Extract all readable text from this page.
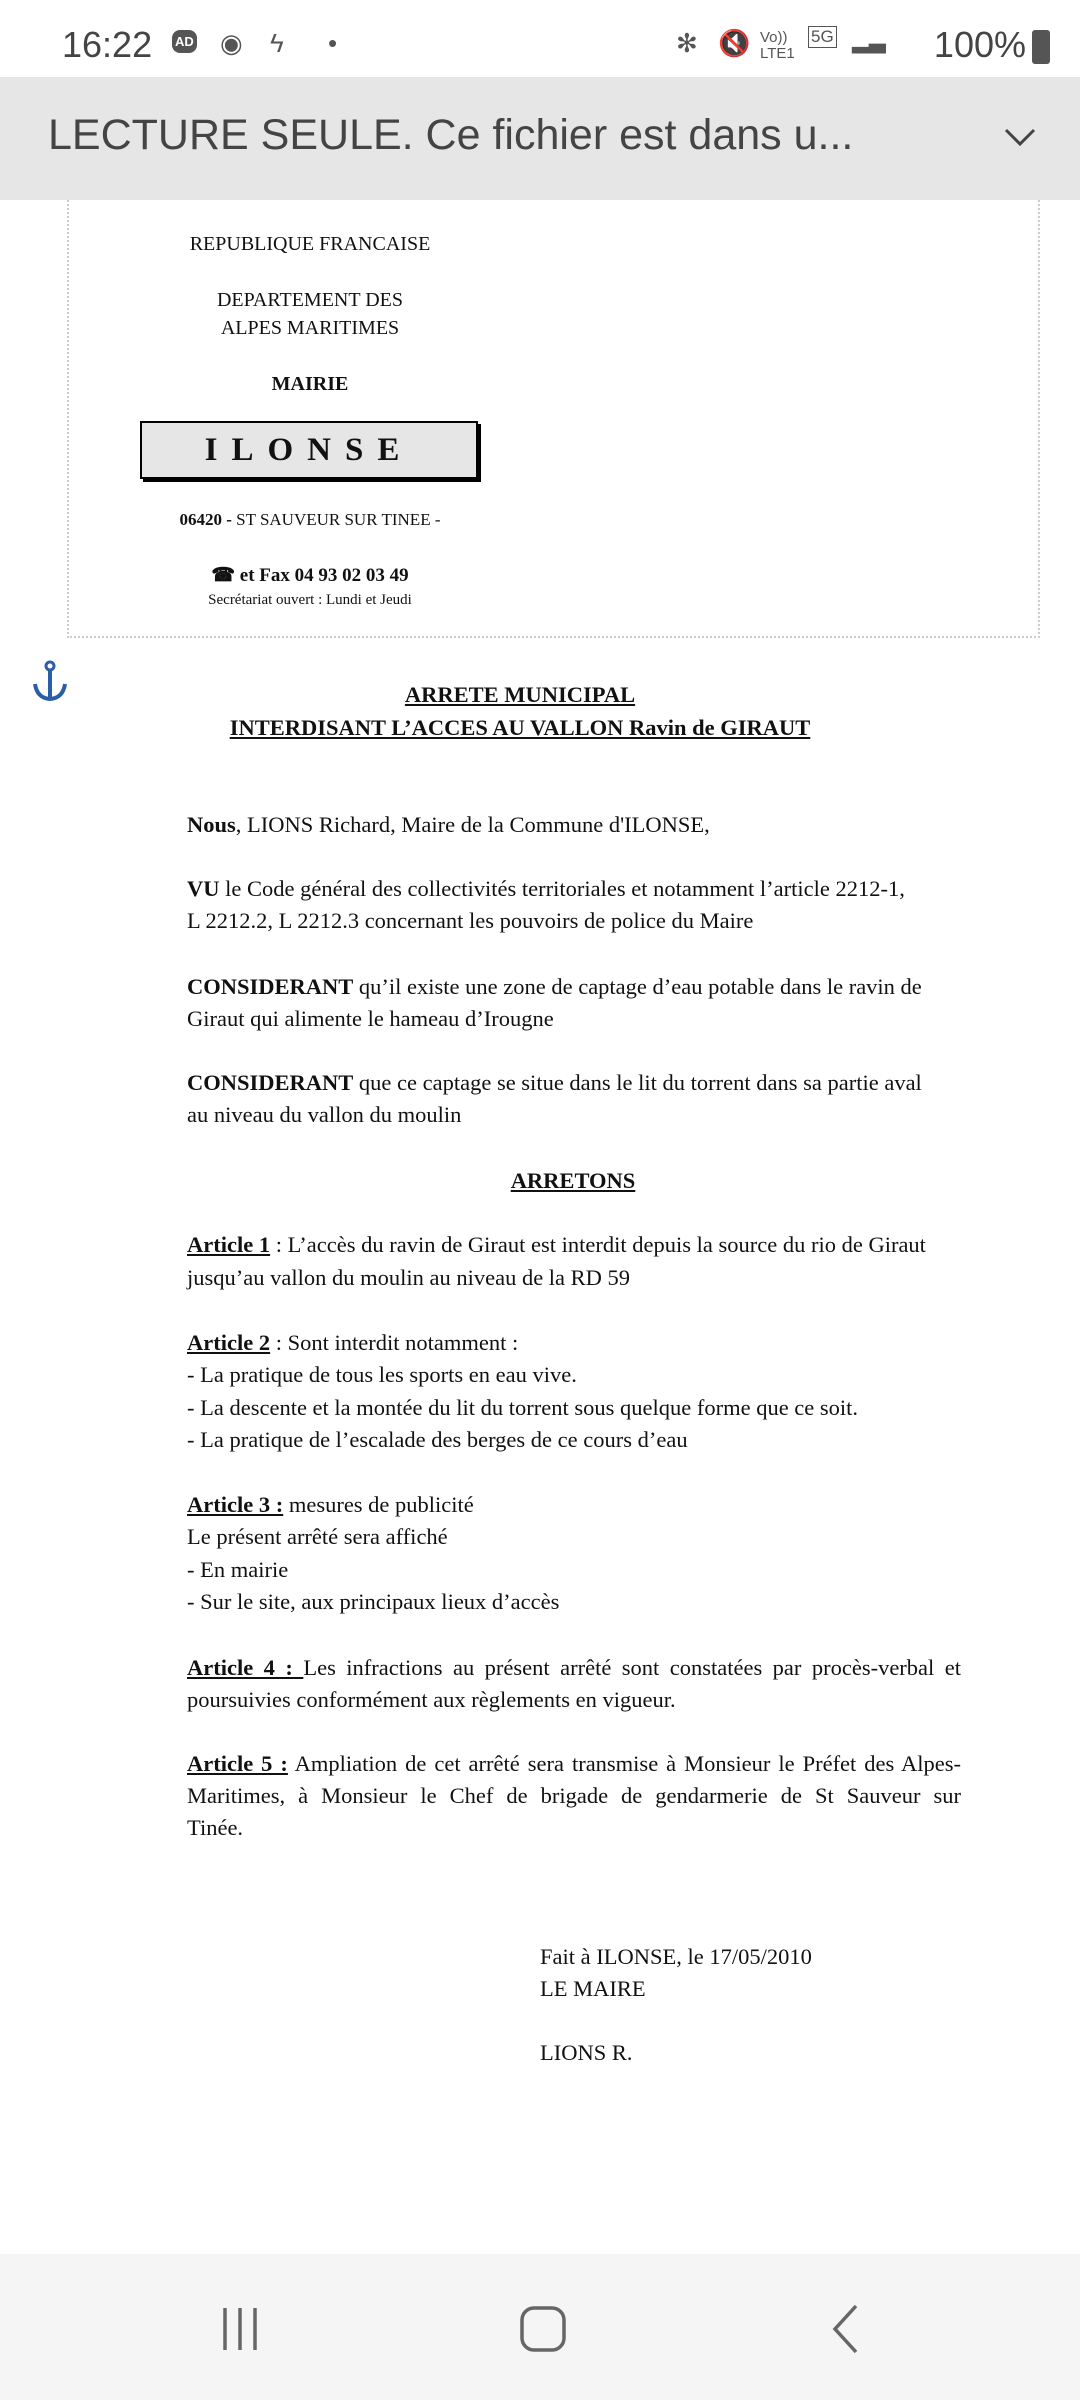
16:22 AD ◉ ϟ •	✻ 🔇 Vo)) LTE1
5G ▂▃ 100%
LECTURE SEULE. Ce fichier est dans u...
REPUBLIQUE FRANCAISE
DEPARTEMENT DES
ALPES MARITIMES
MAIRIE
ILONSE
06420 - ST SAUVEUR SUR TINEE -
☎ et Fax 04 93 02 03 49
Secrétariat ouvert : Lundi et Jeudi
ARRETE MUNICIPAL
INTERDISANT L’ACCES AU VALLON Ravin de GIRAUT
Nous, LIONS Richard, Maire de la Commune d'ILONSE,
VU le Code général des collectivités territoriales et notamment l’article 2212-1,
L 2212.2, L 2212.3 concernant les pouvoirs de police du Maire
CONSIDERANT qu’il existe une zone de captage d’eau potable dans le ravin de
Giraut qui alimente le hameau d’Irougne
CONSIDERANT que ce captage se situe dans le lit du torrent dans sa partie aval
au niveau du vallon du moulin
ARRETONS
Article 1 : L’accès du ravin de Giraut est interdit depuis la source du rio de Giraut
jusqu’au vallon du moulin au niveau de la RD 59
Article 2 : Sont interdit notamment :
- La pratique de tous les sports en eau vive.
- La descente et la montée du lit du torrent sous quelque forme que ce soit.
- La pratique de l’escalade des berges de ce cours d’eau
Article 3 : mesures de publicité
Le présent arrêté sera affiché
- En mairie
- Sur le site, aux principaux lieux d’accès
Article 4 : Les infractions au présent arrêté sont constatées par procès-verbal et
poursuivies conformément aux règlements en vigueur.
Article 5 : Ampliation de cet arrêté sera transmise à Monsieur le Préfet des Alpes-
Maritimes, à Monsieur le Chef de brigade de gendarmerie de St Sauveur sur
Tinée.
Fait à ILONSE, le 17/05/2010
LE MAIRE
LIONS R.
